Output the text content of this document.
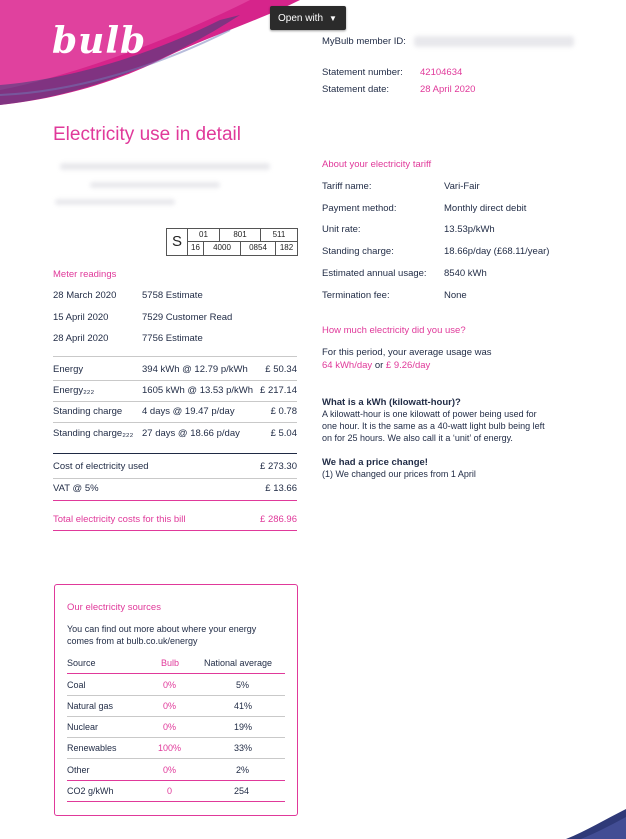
bulb
Open with ▼
MyBulb member ID:
Statement number: 42104634
Statement date:	28 April 2020
Electricity use in detail
S	01	801	511
16	4000	0854	182
Meter readings
28 March 2020	5758 Estimate
15 April 2020	7529 Customer Read
28 April 2020	7756 Estimate
Energy	394 kWh @ 12.79 p/kWh	£ 50.34
Energy₂₂₂	1605 kWh @ 13.53 p/kWh £ 217.14
Standing charge 4 days @ 19.47 p/day	£ 0.78
Standing charge₂₂₂ 27 days @ 18.66 p/day	£ 5.04
Cost of electricity used	£ 273.30
VAT @ 5%	£ 13.66
Total electricity costs for this bill	£ 286.96
About your electricity tariff
Tariff name:	Vari-Fair
Payment method:	Monthly direct debit
Unit rate:	13.53p/kWh
Standing charge:	18.66p/day (£68.11/year)
Estimated annual usage: 8540 kWh
Termination fee:	None
How much electricity did you use?
For this period, your average usage was
64 kWh/day or £ 9.26/day
What is a kWh (kilowatt-hour)?
A kilowatt-hour is one kilowatt of power being used for
one hour. It is the same as a 40-watt light bulb being left
on for 25 hours. We also call it a ‘unit’ of energy.
We had a price change!
(1) We changed our prices from 1 April
Our electricity sources
You can find out more about where your energy
comes from at bulb.co.uk/energy
Source	Bulb	National average
Coal	0%	5%
Natural gas	0%	41%
Nuclear	0%	19%
Renewables	100%	33%
Other	0%	2%
CO2 g/kWh	0	254
